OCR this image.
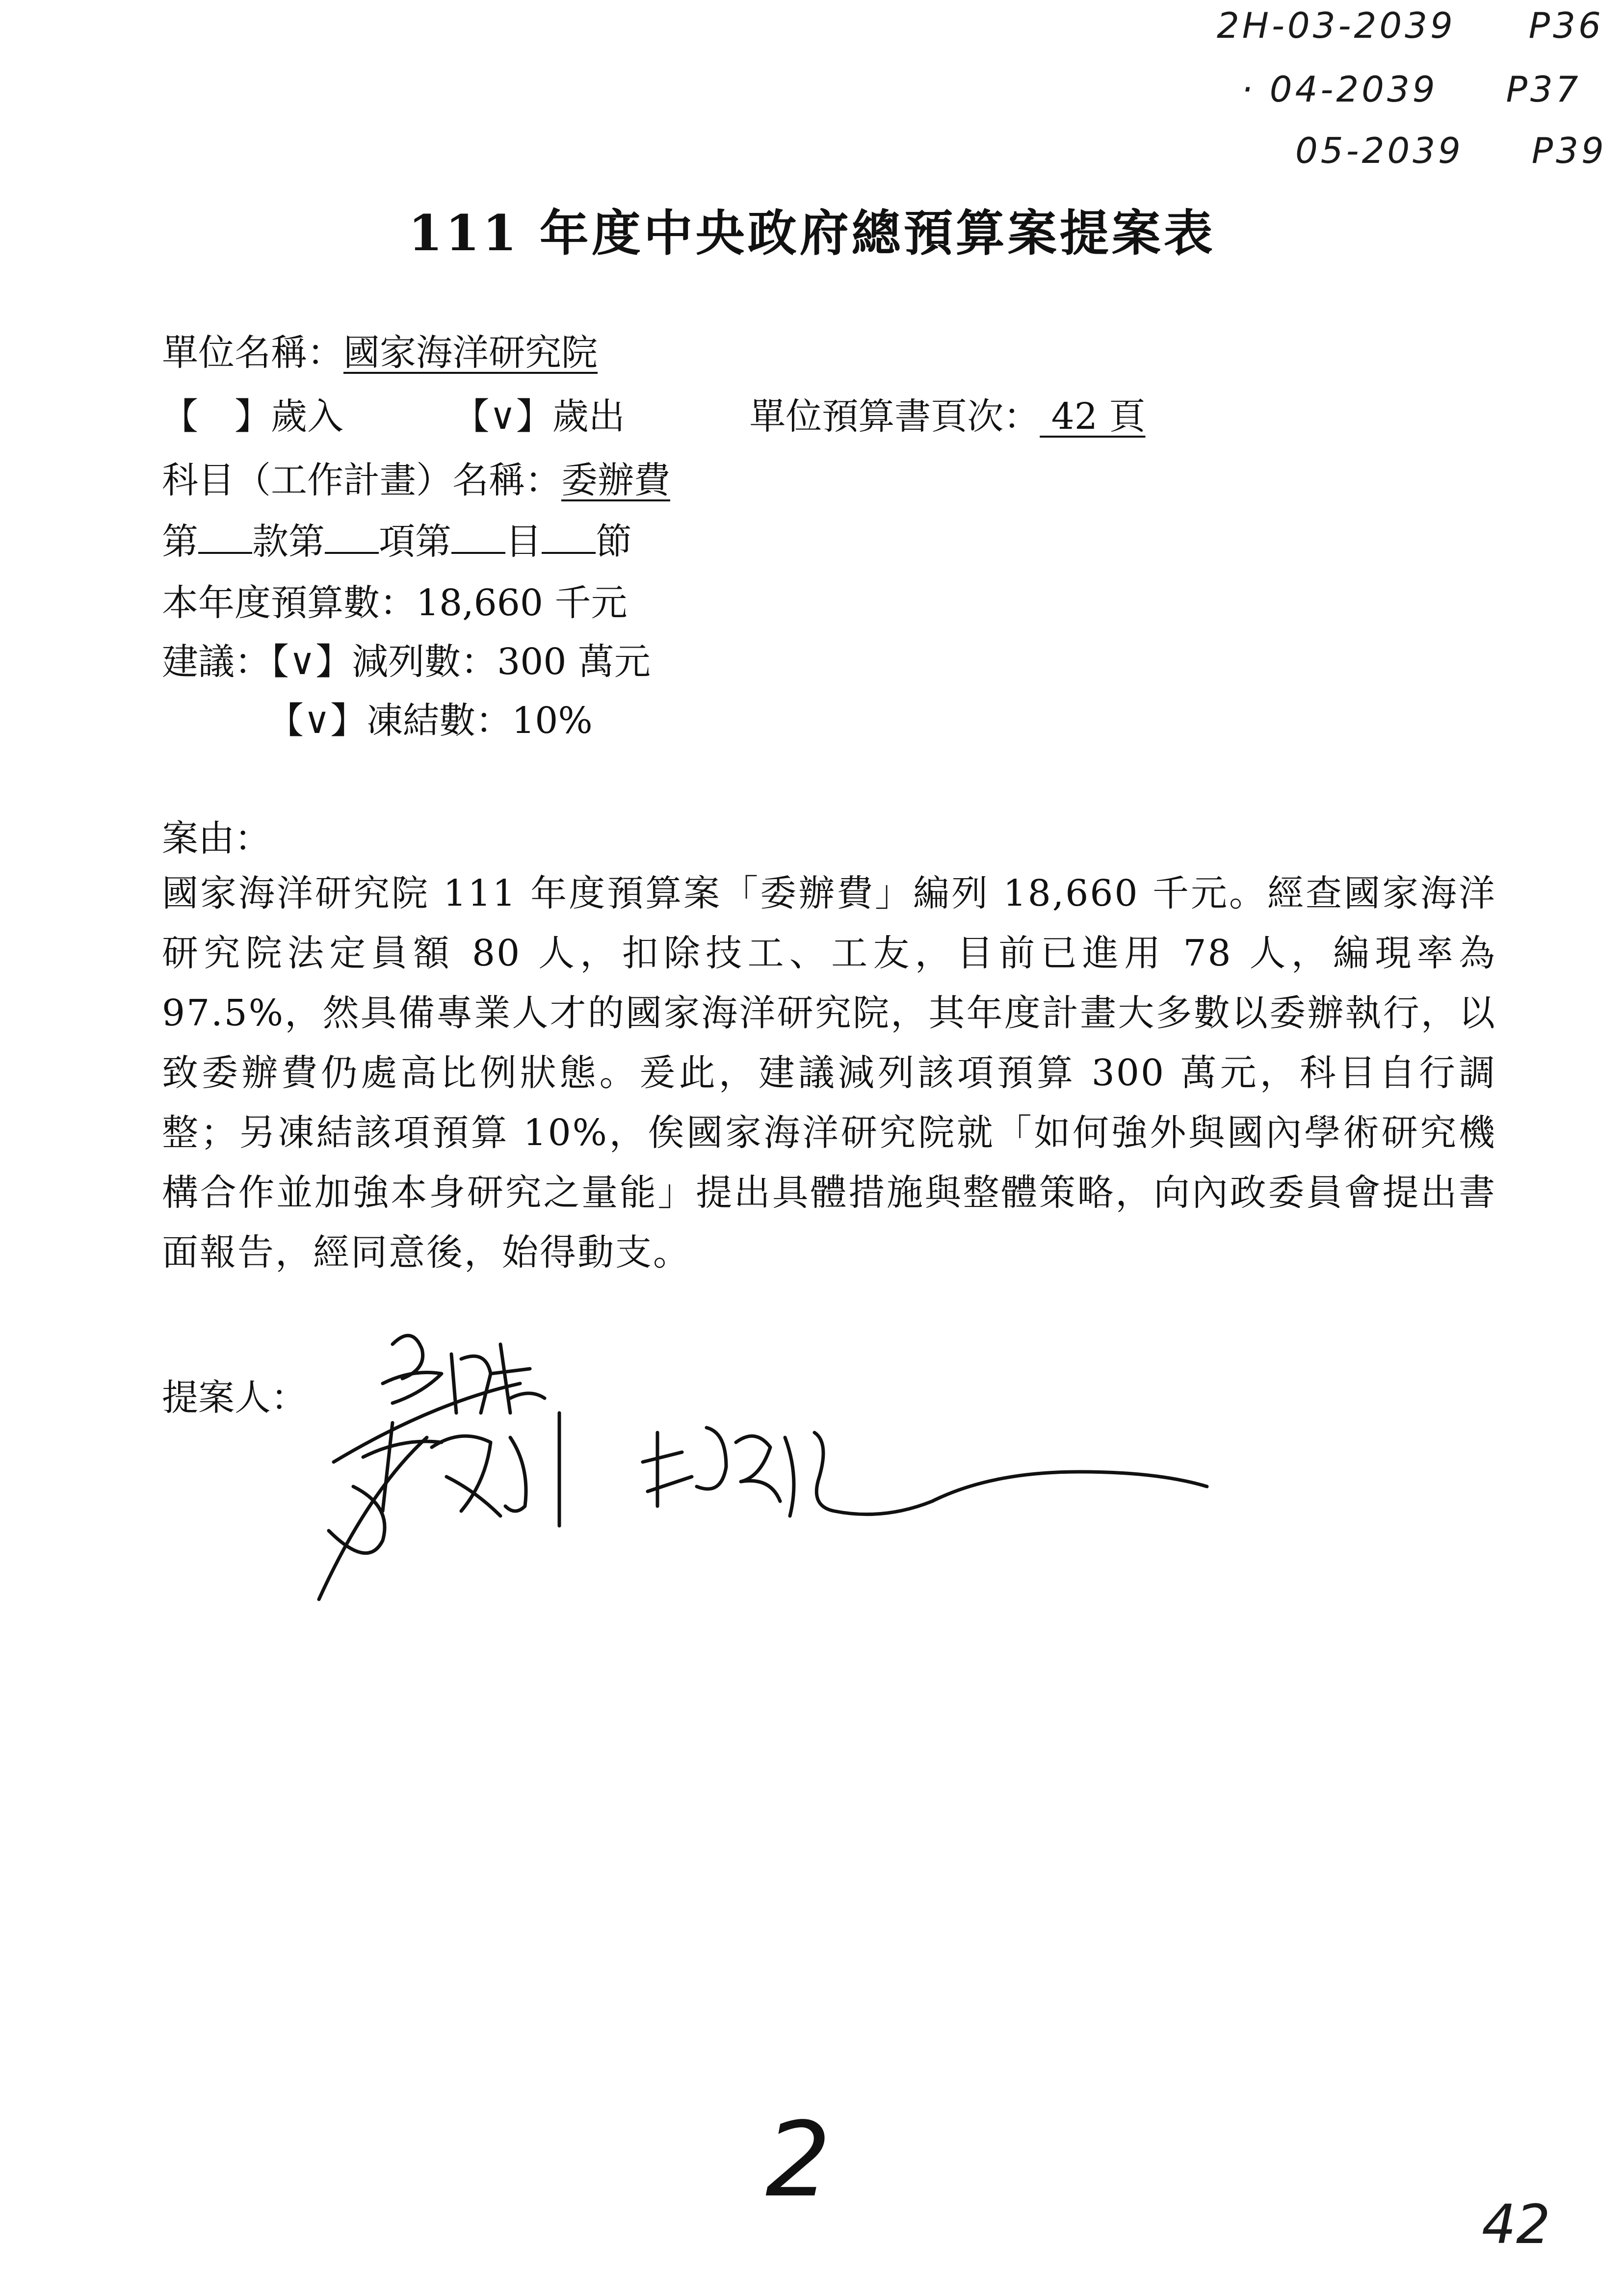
2H-03-2039 P36
· 04-2039 P37
05-2039 P39
111 年度中央政府總預算案提案表
單位名稱：國家海洋研究院
【　】歲入	【∨】歲出	單位預算書頁次： 42 頁
科目（工作計畫）名稱：委辦費
第 款第 項第 目 節
本年度預算數：18,660 千元
建議：【∨】減列數：300 萬元
【∨】凍結數：10%
案由：
國家海洋研究院 111 年度預算案「委辦費」編列 18,660 千元。經查國家海洋研究院法定員額 80 人，扣除技工、工友，目前已進用 78 人，編現率為 97.5%，然具備專業人才的國家海洋研究院，其年度計畫大多數以委辦執行，以致委辦費仍處高比例狀態。爰此，建議減列該項預算 300 萬元，科目自行調整；另凍結該項預算 10%，俟國家海洋研究院就「如何強外與國內學術研究機構合作並加強本身研究之量能」提出具體措施與整體策略，向內政委員會提出書面報告，經同意後，始得動支。
提案人：
2
42
